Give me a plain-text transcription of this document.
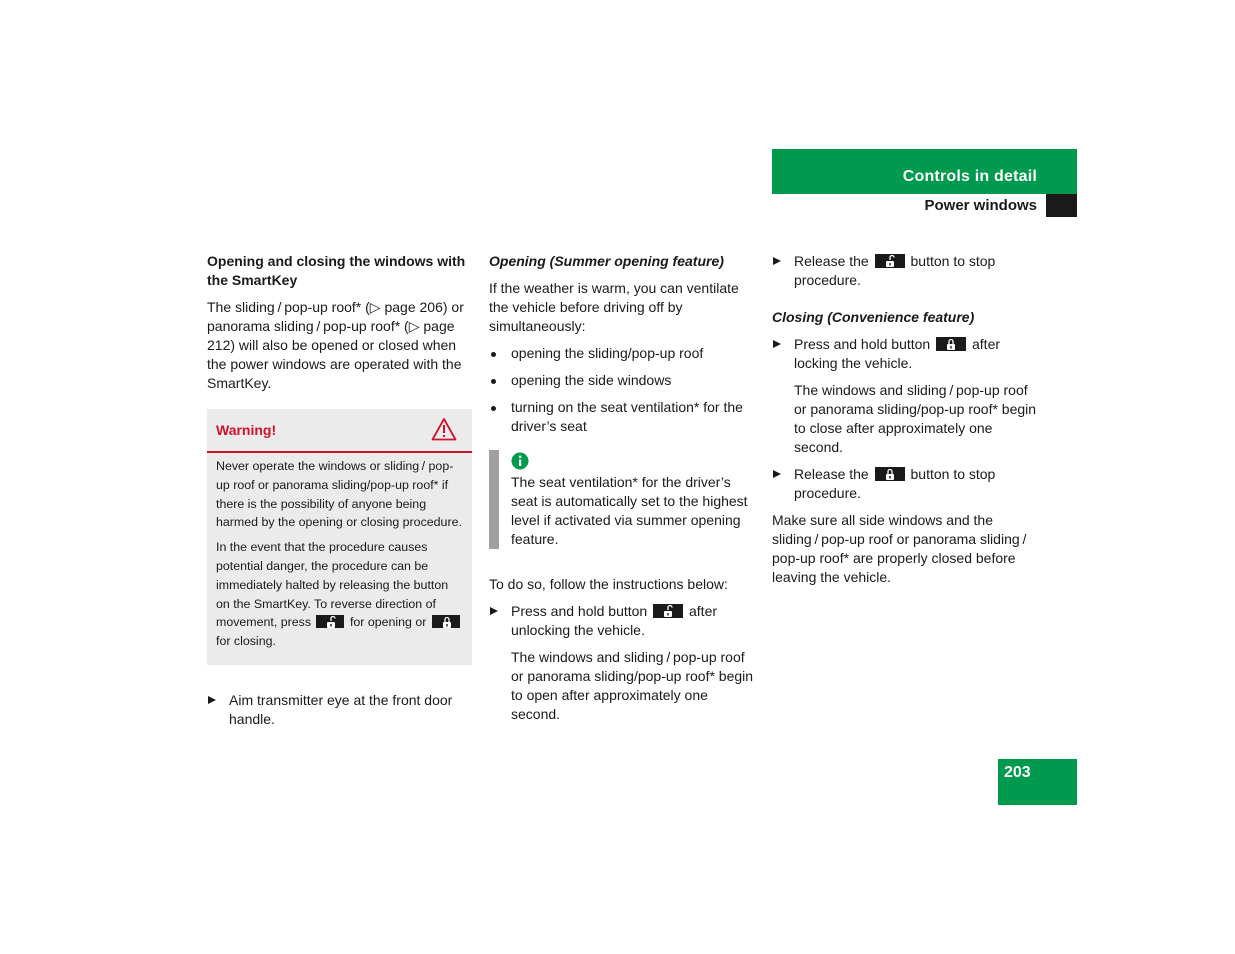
Controls in detail
Power windows
Opening and closing the windows with the SmartKey

The sliding / pop-up roof* (▷ page 206) or panorama sliding / pop-up roof* (▷ page 212) will also be opened or closed when the power windows are operated with the SmartKey.

Warning!

Never operate the windows or sliding / pop-up roof or panorama sliding/pop-up roof* if there is the possibility of anyone being harmed by the opening or closing procedure.

In the event that the procedure causes potential danger, the procedure can be immediately halted by releasing the button on the SmartKey. To reverse direction of movement, press	for opening or
for closing.

Aim transmitter eye at the front door handle.
Opening (Summer opening feature)

If the weather is warm, you can ventilate the vehicle before driving off by simultaneously:

opening the sliding/pop-up roof
opening the side windows
turning on the seat ventilation* for the driver’s seat
The seat ventilation* for the driver’s seat is automatically set to the highest level if activated via summer opening feature.

To do so, follow the instructions below:

Press and hold button	after unlocking the vehicle.

The windows and sliding / pop-up roof or panorama sliding/pop-up roof* begin to open after approximately one second.

Release the	button to stop procedure.
Closing (Convenience feature)
Press and hold button	after locking the vehicle.

The windows and sliding / pop-up roof or panorama sliding/pop-up roof* begin to close after approximately one second.

Release the	button to stop procedure.

Make sure all side windows and the sliding / pop-up roof or panorama sliding / pop-up roof* are properly closed before leaving the vehicle.

203
